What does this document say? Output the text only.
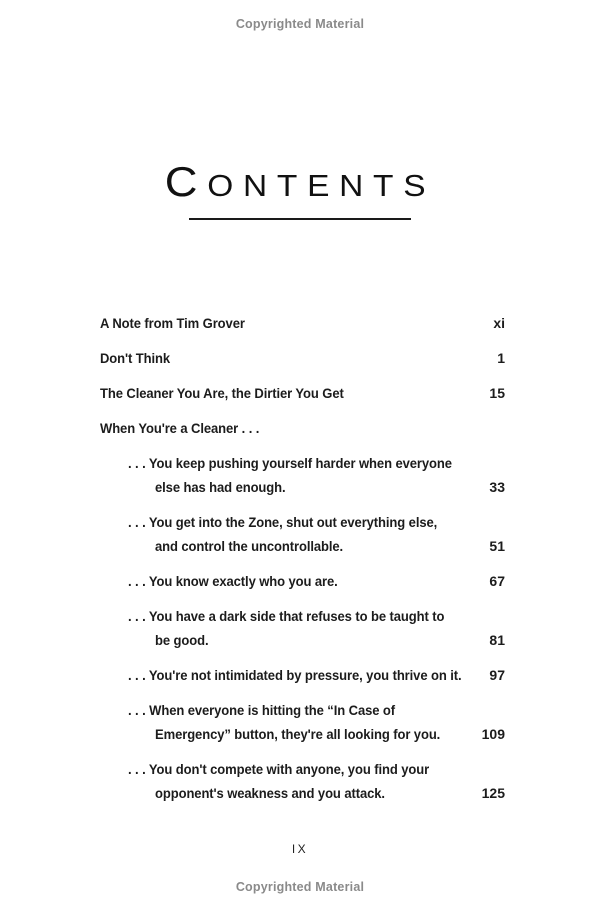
Copyrighted Material
CONTENTS
A Note from Tim Grover	xi
Don't Think	1
The Cleaner You Are, the Dirtier You Get	15
When You're a Cleaner . . .
. . . You keep pushing yourself harder when everyone
else has had enough.	33
. . . You get into the Zone, shut out everything else,
and control the uncontrollable.	51
. . . You know exactly who you are.	67
. . . You have a dark side that refuses to be taught to
be good.	81
. . . You're not intimidated by pressure, you thrive on it.	97
. . . When everyone is hitting the “In Case of
Emergency” button, they're all looking for you.	109
. . . You don't compete with anyone, you find your
opponent's weakness and you attack.	125
IX
Copyrighted Material
